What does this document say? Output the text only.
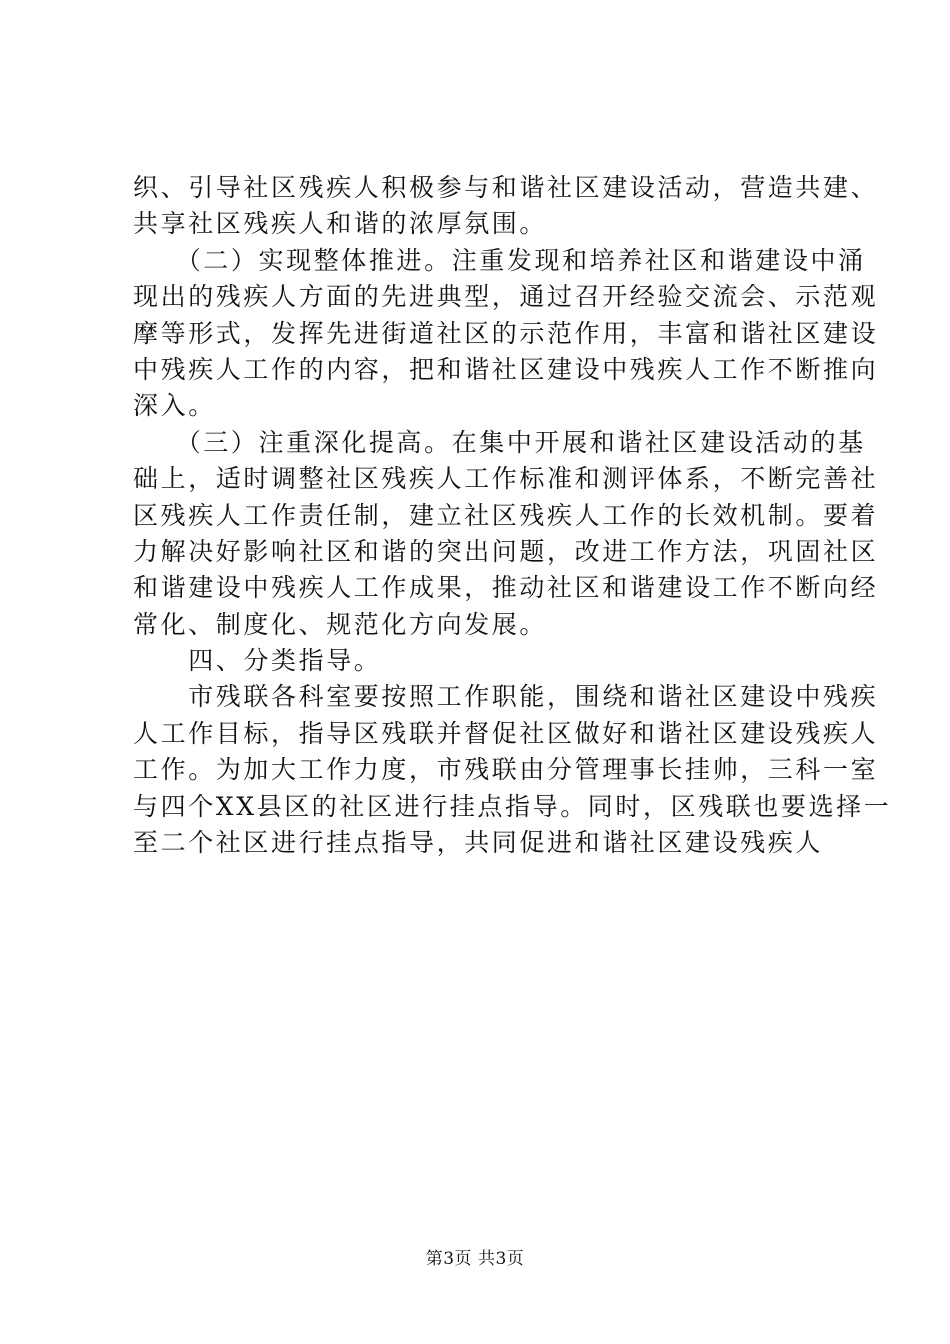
织、引导社区残疾人积极参与和谐社区建设活动，营造共建、
共享社区残疾人和谐的浓厚氛围。
　　（二）实现整体推进。注重发现和培养社区和谐建设中涌
现出的残疾人方面的先进典型，通过召开经验交流会、示范观
摩等形式，发挥先进街道社区的示范作用，丰富和谐社区建设
中残疾人工作的内容，把和谐社区建设中残疾人工作不断推向
深入。
　　（三）注重深化提高。在集中开展和谐社区建设活动的基
础上，适时调整社区残疾人工作标准和测评体系，不断完善社
区残疾人工作责任制，建立社区残疾人工作的长效机制。要着
力解决好影响社区和谐的突出问题，改进工作方法，巩固社区
和谐建设中残疾人工作成果，推动社区和谐建设工作不断向经
常化、制度化、规范化方向发展。
　　四、分类指导。
　　市残联各科室要按照工作职能，围绕和谐社区建设中残疾
人工作目标，指导区残联并督促社区做好和谐社区建设残疾人
工作。为加大工作力度，市残联由分管理事长挂帅，三科一室
与四个XX县区的社区进行挂点指导。同时，区残联也要选择一
至二个社区进行挂点指导，共同促进和谐社区建设残疾人
第3页 共3页
